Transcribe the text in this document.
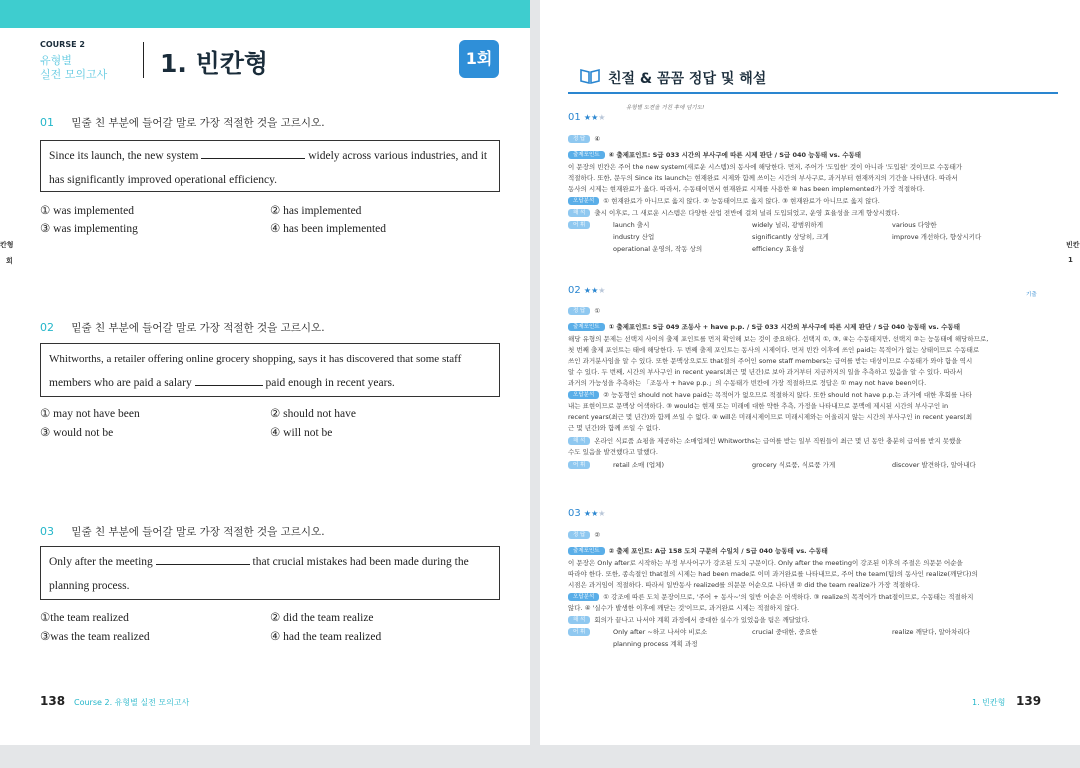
COURSE 2
유형별
실전 모의고사 1. 빈칸형	1회
01 밑줄 친 부분에 들어갈 말로 가장 적절한 것을 고르시오.
Since its launch, the new system	widely across various industries, and it
has significantly improved operational efficiency.
① was implemented	② has implemented
③ was implementing	④ has been implemented
02 밑줄 친 부분에 들어갈 말로 가장 적절한 것을 고르시오.
Whitworths, a retailer offering online grocery shopping, says it has discovered that some staff
members who are paid a salary	paid enough in recent years.
① may not have been	② should not have
③ would not be	④ will not be
03 밑줄 친 부분에 들어갈 말로 가장 적절한 것을 고르시오.
Only after the meeting	that crucial mistakes had been made during the
planning process.
①the team realized	② did the team realize
③was the team realized	④ had the team realized
138 Course 2. 유형별 실전 모의고사
칸형
회
친절 & 꼼꼼 정답 및 해설
유형별 도젼을 거친 후에 넘기도!
01 ★★★
정 답 ④
출제포인트 ④ 출제포인트: S급 033 시간의 부사구에 따른 시제 판단 / S급 040 능동태 vs. 수동태
이 문장의 빈칸은 주어 the new system(새로운 시스템)의 동사에 해당한다. 먼저, 주어가 '도입한' 것이 아니라 '도입된' 것이므로 수동태가
적절하다. 또한, 문두의 Since its launch는 현재완료 시제와 함께 쓰이는 시간의 부사구로, 과거부터 현재까지의 기간을 나타낸다. 따라서
동사의 시제는 현재완료가 옳다. 따라서, 수동태이면서 현재완료 시제를 사용한 ④ has been implemented가 가장 적절하다.
오답분석 ① 현재완료가 아니므로 옳지 않다. ② 능동태이므로 옳지 않다. ③ 현재완료가 아니므로 옳지 않다.
해 석 출시 이후로, 그 새로운 시스템은 다양한 산업 전반에 걸쳐 널리 도입되었고, 운영 효율성을 크게 향상시켰다.
어 휘	launch 출시	widely 널리, 광범위하게	various 다양한
industry 산업	significantly 상당히, 크게	improve 개선하다, 향상시키다
operational 운영의, 작동 상의	efficiency 효율성
02 ★★★	기출
정 답 ①
출제포인트 ① 출제포인트: S급 049 조동사 + have p.p. / S급 033 시간의 부사구에 따른 시제 판단 / S급 040 능동태 vs. 수동태
해당 유형의 문제는 선택지 사이의 출제 포인트를 먼저 확인해 보는 것이 중요하다. 선택지 ①, ③, ④는 수동태지만, 선택지 ②는 능동태에 해당하므로,
첫 번째 출제 포인트는 태에 해당한다. 두 번째 출제 포인트는 동사의 시제이다. 먼저 빈칸 이후에 쓰인 paid는 목적어가 없는 상태이므로 수동태로
쓰인 과거분사임을 알 수 있다. 또한 문맥상으로도 that절의 주어인 some staff members는 급여를 받는 대상이므로 수동태가 와야 함을 역시
알 수 있다. 두 번째, 시간의 부사구인 in recent years(최근 몇 년간)로 보아 과거부터 지금까지의 일을 추측하고 있음을 알 수 있다. 따라서
과거의 가능성을 추측하는 「조동사 + have p.p.」의 수동태가 빈칸에 가장 적절하므로 정답은 ① may not have been이다.
오답분석 ② 능동형인 should not have paid는 목적어가 없으므로 적절하지 않다. 또한 should not have p.p.는 과거에 대한 후회를 나타
내는 표현이므로 문맥상 어색하다. ③ would는 현재 또는 미래에 대한 약한 추측, 가정을 나타내므로 문맥에 제시된 시간의 부사구인 in
recent years(최근 몇 년간)와 함께 쓰일 수 없다. ④ will은 미래시제이므로 미래시제와는 어울리지 않는 시간의 부사구인 in recent years(최
근 몇 년간)와 함께 쓰일 수 없다.
해 석 온라인 식료품 쇼핑을 제공하는 소매업체인 Whitworths는 급여를 받는 일부 직원들이 최근 몇 년 동안 충분히 급여를 받지 못했을
수도 있음을 발견했다고 말했다.
어 휘	retail 소매 (업체)	grocery 식료품, 식료품 가게	discover 발견하다, 알아내다
03 ★★★
정 답 ②
출제포인트 ② 출제 포인트: A급 158 도치 구문의 수일치 / S급 040 능동태 vs. 수동태
이 문장은 Only after로 시작하는 부정 부사어구가 강조된 도치 구문이다. Only after the meeting이 강조된 이후의 주절은 의문문 어순을
따라야 한다. 또한, 종속절인 that절의 시제는 had been made로 이미 과거완료를 나타내므로, 주어 the team(팀)의 동사인 realize(깨닫다)의
시점은 과거임이 적절하다. 따라서 일반동사 realized를 의문문 어순으로 나타낸 ② did the team realize가 가장 적절하다.
오답분석 ① 강조에 따른 도치 문장이므로, '주어 + 동사~'의 일반 어순은 어색하다. ③ realize의 목적어가 that절이므로, 수동태는 적절하지
않다. ④ '실수가 발생한 이후에 깨닫는 것'이므로, 과거완료 시제는 적절하지 않다.
해 석 회의가 끝나고 나서야 계획 과정에서 중대한 실수가 있었음을 팀은 깨달았다.
어 휘	Only after ~하고 나서야 비로소	crucial 중대한, 중요한	realize 깨닫다, 알아차리다
planning process 계획 과정
1. 빈칸형 139
빈칸
1
